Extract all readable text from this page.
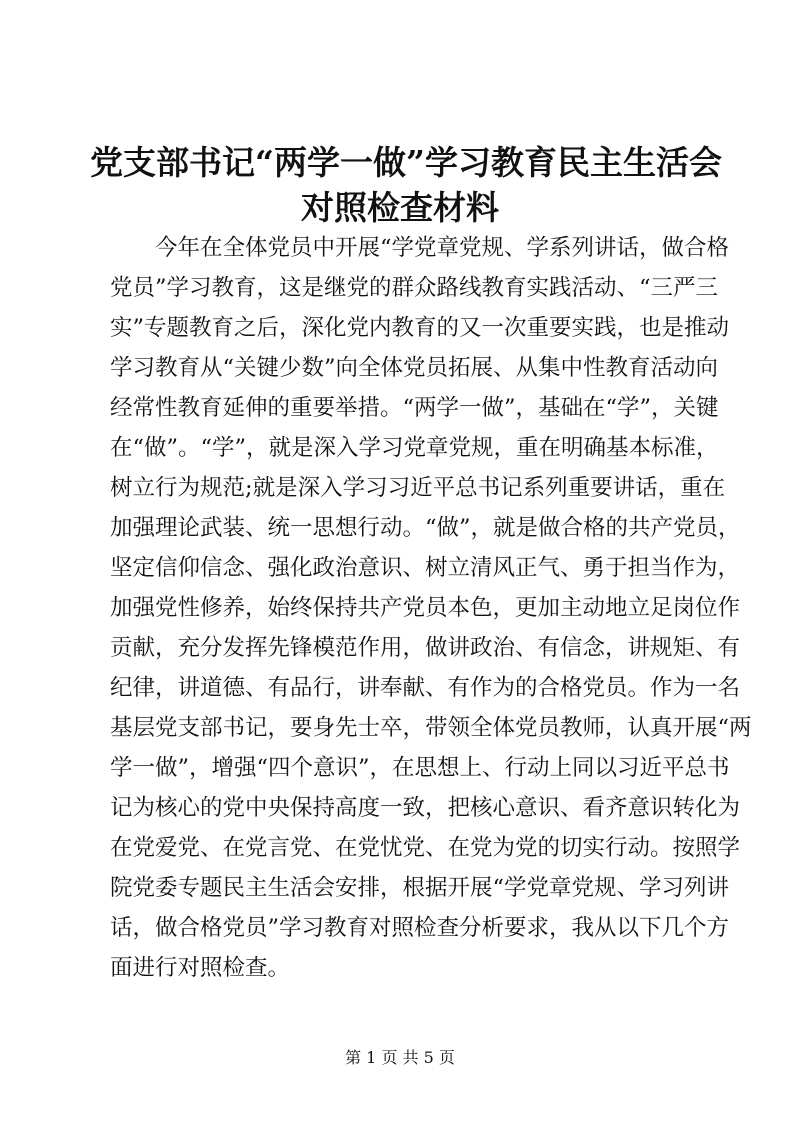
党支部书记“两学一做”学习教育民主生活会
对照检查材料
今年在全体党员中开展“学党章党规、学系列讲话，做合格
党员”学习教育，这是继党的群众路线教育实践活动、“三严三
实”专题教育之后，深化党内教育的又一次重要实践，也是推动
学习教育从“关键少数”向全体党员拓展、从集中性教育活动向
经常性教育延伸的重要举措。“两学一做”，基础在“学”，关键
在“做”。“学”，就是深入学习党章党规，重在明确基本标准，
树立行为规范;就是深入学习习近平总书记系列重要讲话，重在
加强理论武装、统一思想行动。“做”，就是做合格的共产党员，
坚定信仰信念、强化政治意识、树立清风正气、勇于担当作为，
加强党性修养，始终保持共产党员本色，更加主动地立足岗位作
贡献，充分发挥先锋模范作用，做讲政治、有信念，讲规矩、有
纪律，讲道德、有品行，讲奉献、有作为的合格党员。作为一名
基层党支部书记，要身先士卒，带领全体党员教师，认真开展“两
学一做”，增强“四个意识”，在思想上、行动上同以习近平总书
记为核心的党中央保持高度一致，把核心意识、看齐意识转化为
在党爱党、在党言党、在党忧党、在党为党的切实行动。按照学
院党委专题民主生活会安排，根据开展“学党章党规、学习列讲
话，做合格党员”学习教育对照检查分析要求，我从以下几个方
面进行对照检查。
第 1 页 共 5 页
